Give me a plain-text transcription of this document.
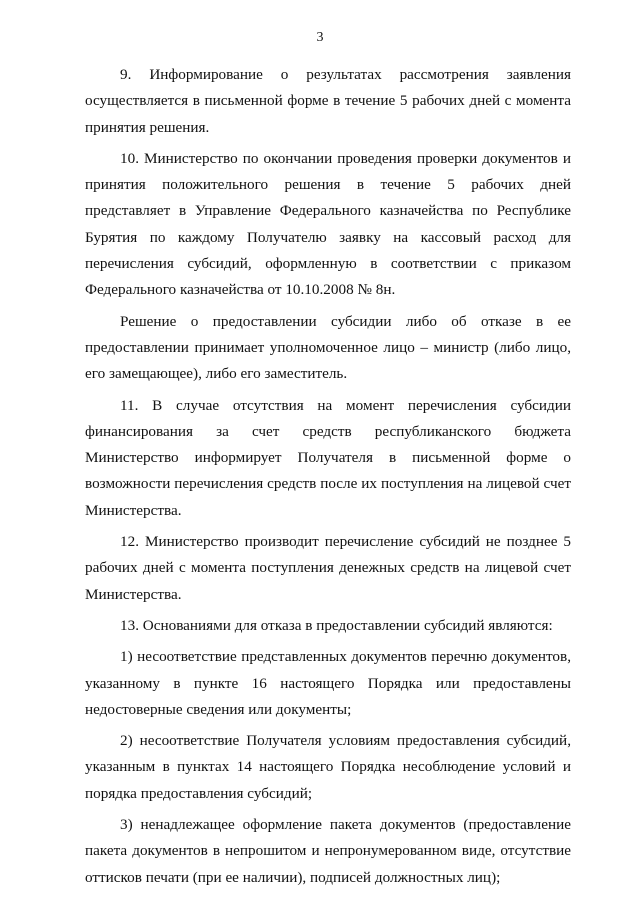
3

9. Информирование о результатах рассмотрения заявления осуществляется в письменной форме в течение 5 рабочих дней с момента принятия решения.

10. Министерство по окончании проведения проверки документов и принятия положительного решения в течение 5 рабочих дней представляет в Управление Федерального казначейства по Республике Бурятия по каждому Получателю заявку на кассовый расход для перечисления субсидий, оформленную в соответствии с приказом Федерального казначейства от 10.10.2008 № 8н.

Решение о предоставлении субсидии либо об отказе в ее предоставлении принимает уполномоченное лицо – министр (либо лицо, его замещающее), либо его заместитель.

11. В случае отсутствия на момент перечисления субсидии финансирования за счет средств республиканского бюджета Министерство информирует Получателя в письменной форме о возможности перечисления средств после их поступления на лицевой счет Министерства.

12. Министерство производит перечисление субсидий не позднее 5 рабочих дней с момента поступления денежных средств на лицевой счет Министерства.

13. Основаниями для отказа в предоставлении субсидий являются:

1) несоответствие представленных документов перечню документов, указанному в пункте 16 настоящего Порядка или предоставлены недостоверные сведения или документы;

2) несоответствие Получателя условиям предоставления субсидий, указанным в пунктах 14 настоящего Порядка несоблюдение условий и порядка предоставления субсидий;

3) ненадлежащее оформление пакета документов (предоставление пакета документов в непрошитом и непронумерованном виде, отсутствие оттисков печати (при ее наличии), подписей должностных лиц);
